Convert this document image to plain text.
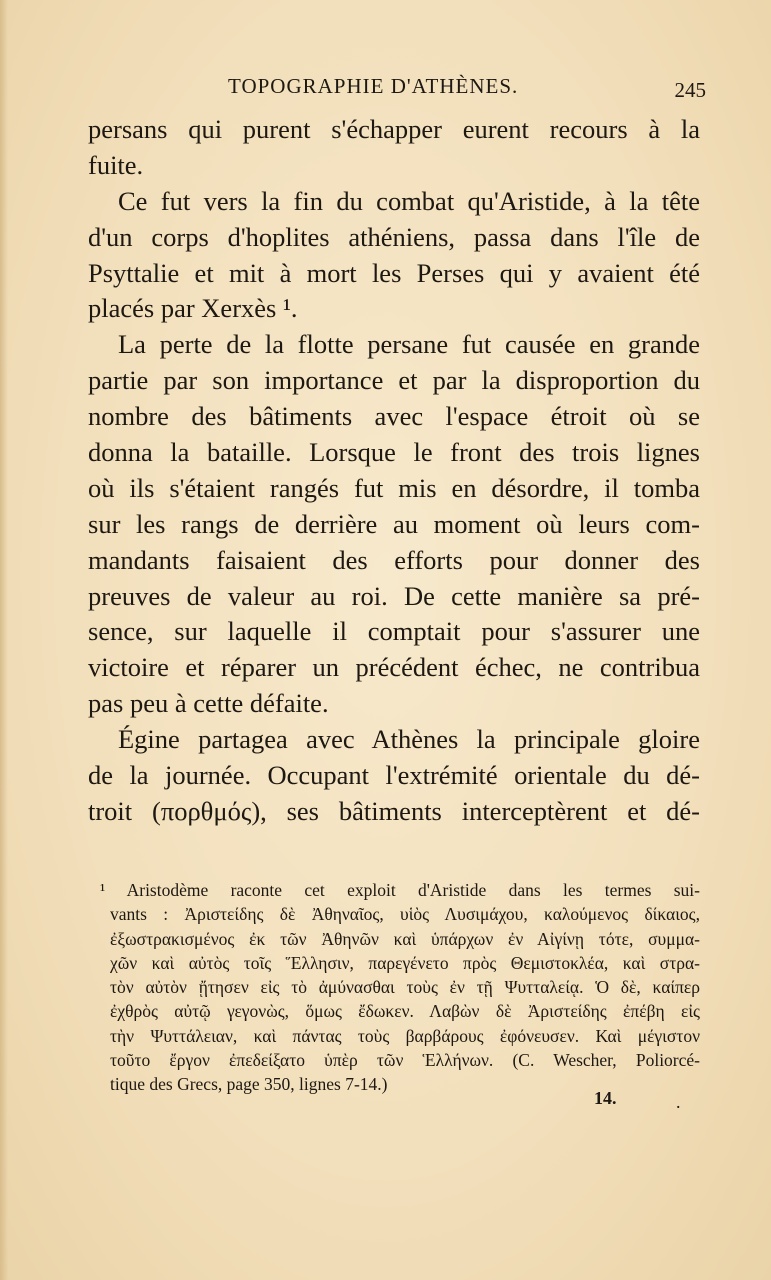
TOPOGRAPHIE D'ATHÈNES.	245
persans qui purent s'échapper eurent recours à la
fuite.
Ce fut vers la fin du combat qu'Aristide, à la tête
d'un corps d'hoplites athéniens, passa dans l'île de
Psyttalie et mit à mort les Perses qui y avaient été
placés par Xerxès ¹.
La perte de la flotte persane fut causée en grande
partie par son importance et par la disproportion du
nombre des bâtiments avec l'espace étroit où se
donna la bataille. Lorsque le front des trois lignes
où ils s'étaient rangés fut mis en désordre, il tomba
sur les rangs de derrière au moment où leurs com-
mandants faisaient des efforts pour donner des
preuves de valeur au roi. De cette manière sa pré-
sence, sur laquelle il comptait pour s'assurer une
victoire et réparer un précédent échec, ne contribua
pas peu à cette défaite.
Égine partagea avec Athènes la principale gloire
de la journée. Occupant l'extrémité orientale du dé-
troit (πορθμός), ses bâtiments interceptèrent et dé-
¹ Aristodème raconte cet exploit d'Aristide dans les termes sui-
vants : Ἀριστείδης δὲ Ἀθηναῖος, υἱὸς Λυσιμάχου, καλούμενος δίκαιος,
ἐξωστρακισμένος ἐκ τῶν Ἀθηνῶν καὶ ὑπάρχων ἐν Αἰγίνῃ τότε, συμμα-
χῶν καὶ αὐτὸς τοῖς Ἕλλησιν, παρεγένετο πρὸς Θεμιστοκλέα, καὶ στρα-
τὸν αὐτὸν ᾔτησεν εἰς τὸ ἀμύνασθαι τοὺς ἐν τῇ Ψυτταλείᾳ. Ὁ δὲ, καίπερ
ἐχθρὸς αὐτῷ γεγονὼς, ὅμως ἔδωκεν. Λαβὼν δὲ Ἀριστείδης ἐπέβη εἰς
τὴν Ψυττάλειαν, καὶ πάντας τοὺς βαρβάρους ἐφόνευσεν. Καὶ μέγιστον
τοῦτο ἔργον ἐπεδείξατο ὑπὲρ τῶν Ἑλλήνων. (C. Wescher, Poliorcé-
tique des Grecs, page 350, lignes 7-14.)
14.	.
